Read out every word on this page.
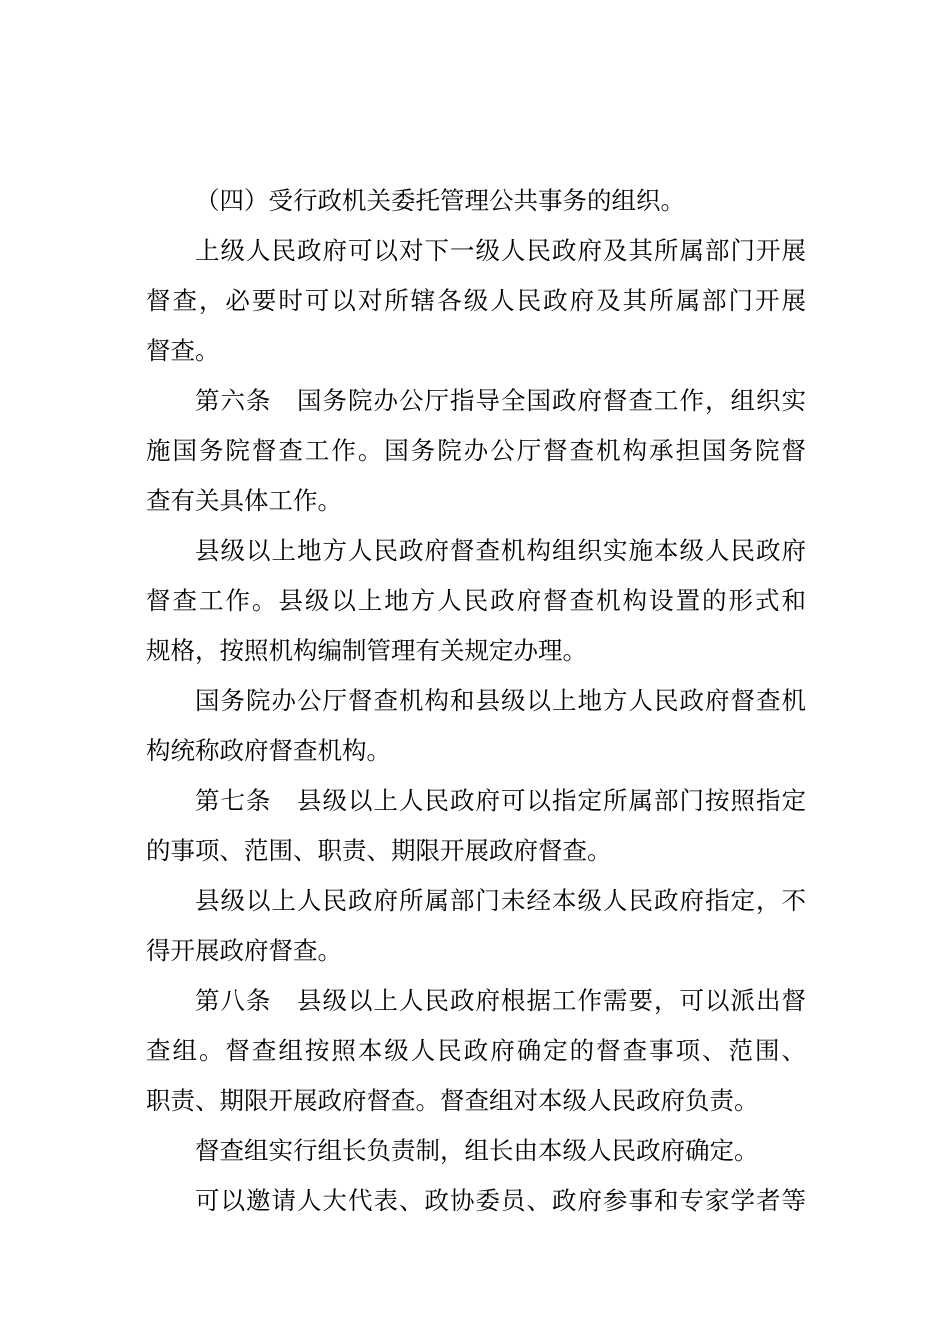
（四）受行政机关委托管理公共事务的组织。
上级人民政府可以对下一级人民政府及其所属部门开展
督查，必要时可以对所辖各级人民政府及其所属部门开展
督查。
第六条　国务院办公厅指导全国政府督查工作，组织实
施国务院督查工作。国务院办公厅督查机构承担国务院督
查有关具体工作。
县级以上地方人民政府督查机构组织实施本级人民政府
督查工作。县级以上地方人民政府督查机构设置的形式和
规格，按照机构编制管理有关规定办理。
国务院办公厅督查机构和县级以上地方人民政府督查机
构统称政府督查机构。
第七条　县级以上人民政府可以指定所属部门按照指定
的事项、范围、职责、期限开展政府督查。
县级以上人民政府所属部门未经本级人民政府指定，不
得开展政府督查。
第八条　县级以上人民政府根据工作需要，可以派出督
查组。督查组按照本级人民政府确定的督查事项、范围、
职责、期限开展政府督查。督查组对本级人民政府负责。
督查组实行组长负责制，组长由本级人民政府确定。
可以邀请人大代表、政协委员、政府参事和专家学者等
